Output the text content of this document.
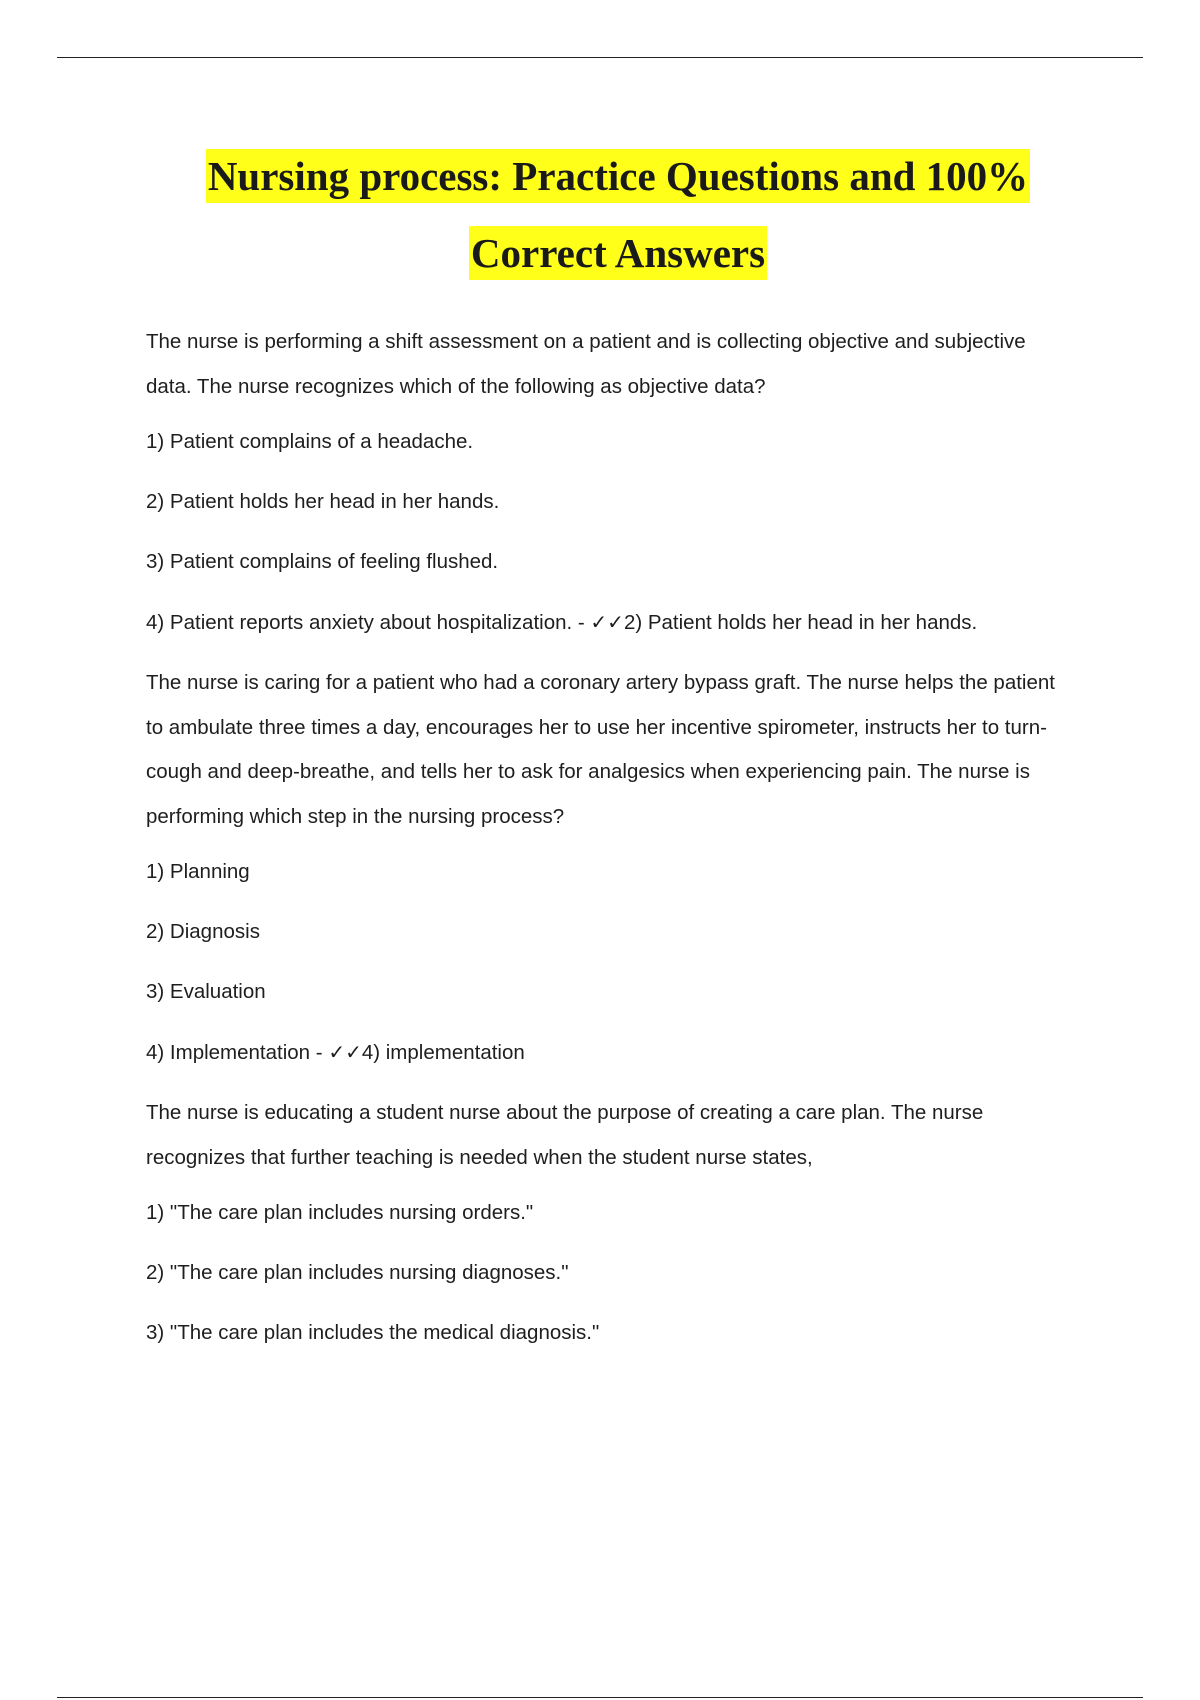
Nursing process: Practice Questions and 100%
Correct Answers

The nurse is performing a shift assessment on a patient and is collecting objective and subjective data. The nurse recognizes which of the following as objective data?

1) Patient complains of a headache.

2) Patient holds her head in her hands.

3) Patient complains of feeling flushed.

4) Patient reports anxiety about hospitalization. - ✓✓2) Patient holds her head in her hands.

The nurse is caring for a patient who had a coronary artery bypass graft. The nurse helps the patient to ambulate three times a day, encourages her to use her incentive spirometer, instructs her to turn-cough and deep-breathe, and tells her to ask for analgesics when experiencing pain. The nurse is performing which step in the nursing process?

1) Planning

2) Diagnosis

3) Evaluation

4) Implementation - ✓✓4) implementation

The nurse is educating a student nurse about the purpose of creating a care plan. The nurse recognizes that further teaching is needed when the student nurse states,

1) "The care plan includes nursing orders."

2) "The care plan includes nursing diagnoses."

3) "The care plan includes the medical diagnosis."
